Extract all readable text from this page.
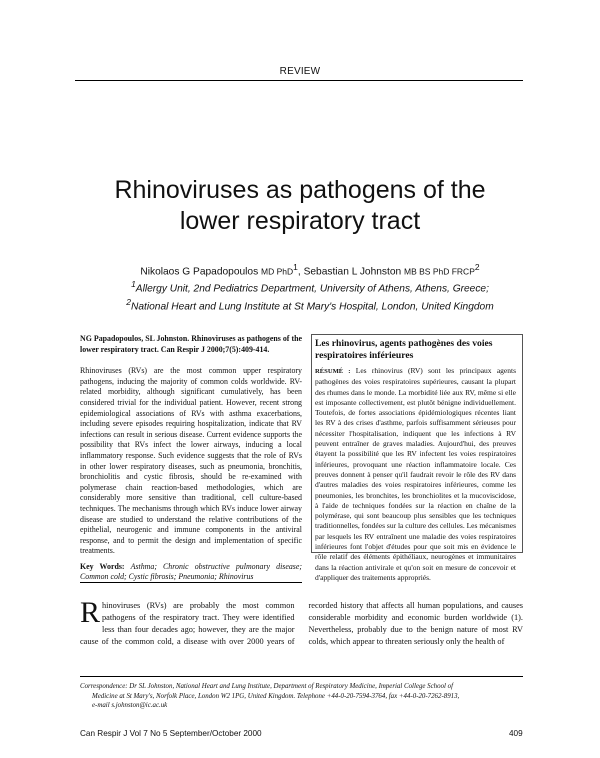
REVIEW
Rhinoviruses as pathogens of the
lower respiratory tract

Nikolaos G Papadopoulos MD PhD$^1$, Sebastian L Johnston MB BS PhD FRCP$^2$

$^1$Allergy Unit, 2nd Pediatrics Department, University of Athens, Athens, Greece;

$^2$National Heart and Lung Institute at St Mary's Hospital, London, United Kingdom

NG Papadopoulos, SL Johnston. Rhinoviruses as pathogens of the lower respiratory tract. Can Respir J 2000;7(5):409-414.

Rhinoviruses (RVs) are the most common upper respiratory pathogens, inducing the majority of common colds worldwide. RV-related morbidity, although significant cumulatively, has been considered trivial for the individual patient. However, recent strong epidemiological associations of RVs with asthma exacerbations, including severe episodes requiring hospitalization, indicate that RV infections can result in serious disease. Current evidence supports the possibility that RVs infect the lower airways, inducing a local inflammatory response. Such evidence suggests that the role of RVs in other lower respiratory diseases, such as pneumonia, bronchitis, bronchiolitis and cystic fibrosis, should be re-examined with polymerase chain reaction-based methodologies, which are considerably more sensitive than traditional, cell culture-based techniques. The mechanisms through which RVs induce lower airway disease are studied to understand the relative contributions of the epithelial, neurogenic and immune components in the antiviral response, and to permit the design and implementation of specific treatments.

Key Words: Asthma; Chronic obstructive pulmonary disease; Common cold; Cystic fibrosis; Pneumonia; Rhinovirus

Les rhinovirus, agents pathogènes des voies respiratoires inférieures

RÉSUMÉ : Les rhinovirus (RV) sont les principaux agents pathogènes des voies respiratoires supérieures, causant la plupart des rhumes dans le monde. La morbidité liée aux RV, même si elle est imposante collectivement, est plutôt bénigne individuellement. Toutefois, de fortes associations épidémiologiques récentes liant les RV à des crises d'asthme, parfois suffisamment sérieuses pour nécessiter l'hospitalisation, indiquent que les infections à RV peuvent entraîner de graves maladies. Aujourd'hui, des preuves étayent la possibilité que les RV infectent les voies respiratoires inférieures, provoquant une réaction inflammatoire locale. Ces preuves donnent à penser qu'il faudrait revoir le rôle des RV dans d'autres maladies des voies respiratoires inférieures, comme les pneumonies, les bronchites, les bronchiolites et la mucoviscidose, à l'aide de techniques fondées sur la réaction en chaîne de la polymérase, qui sont beaucoup plus sensibles que les techniques traditionnelles, fondées sur la culture des cellules. Les mécanismes par lesquels les RV entraînent une maladie des voies respiratoires inférieures font l'objet d'études pour que soit mis en évidence le rôle relatif des éléments épithéliaux, neurogènes et immunitaires dans la réaction antivirale et qu'on soit en mesure de concevoir et d'appliquer des traitements appropriés.

Rhinoviruses (RVs) are probably the most common pathogens of the respiratory tract. They were identified less than four decades ago; however, they are the major cause of the common cold, a disease with over 2000 years of recorded history that affects all human populations, and causes considerable morbidity and economic burden worldwide (1). Nevertheless, probably due to the benign nature of most RV colds, which appear to threaten seriously only the health of

Correspondence: Dr SL Johnston, National Heart and Lung Institute, Department of Respiratory Medicine, Imperial College School of

Medicine at St Mary's, Norfolk Place, London W2 1PG, United Kingdom. Telephone +44-0-20-7594-3764, fax +44-0-20-7262-8913,

e-mail s.johnston@ic.ac.uk

Can Respir J Vol 7 No 5 September/October 2000	409
